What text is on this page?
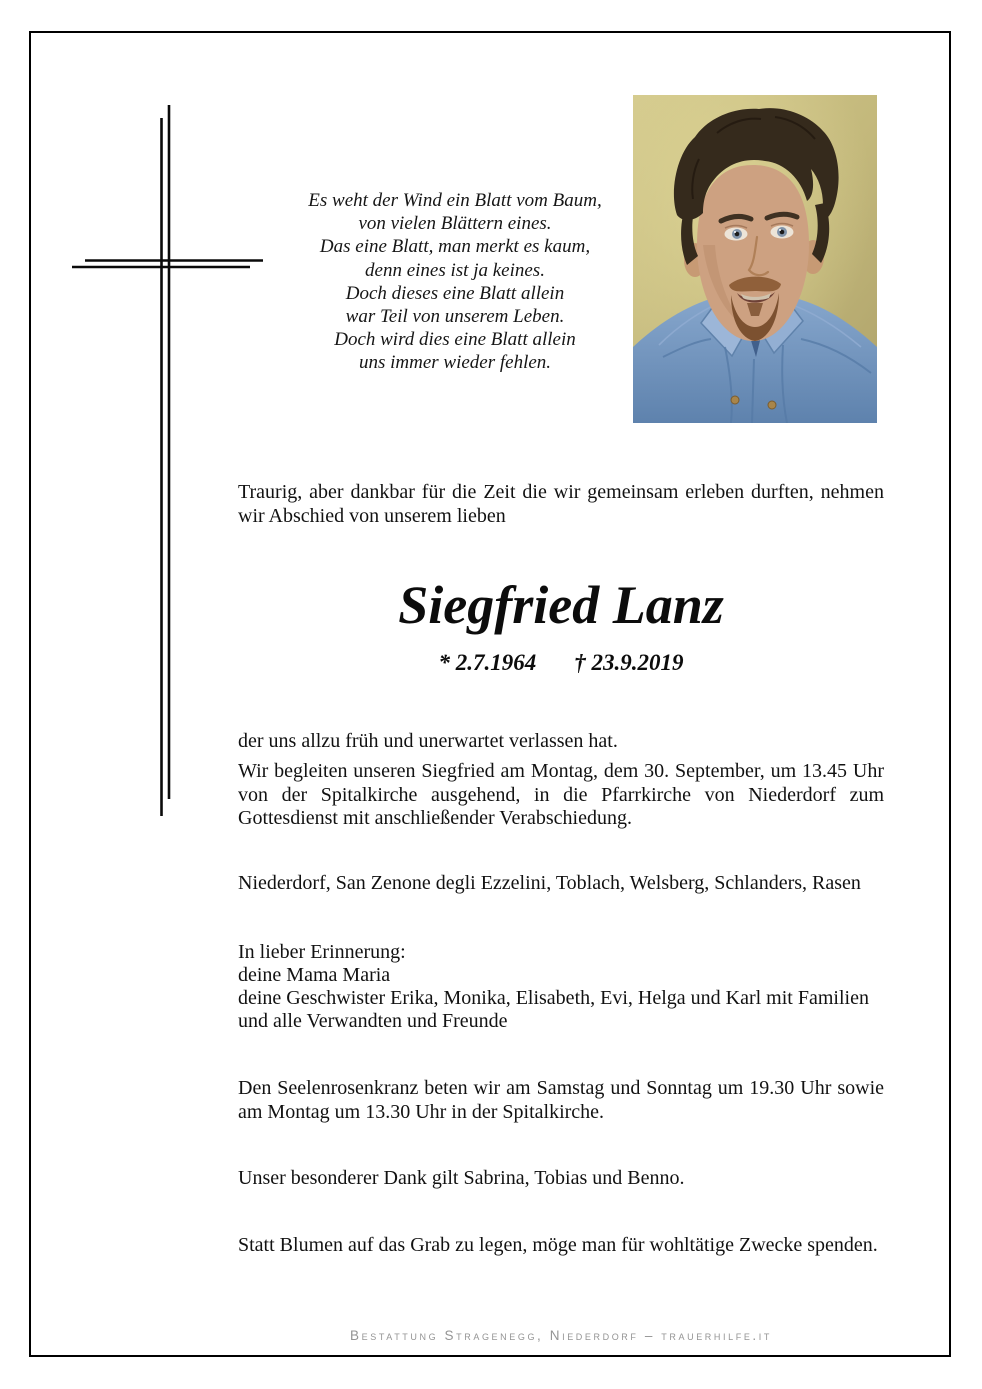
Es weht der Wind ein Blatt vom Baum,
von vielen Blättern eines.
Das eine Blatt, man merkt es kaum,
denn eines ist ja keines.
Doch dieses eine Blatt allein
war Teil von unserem Leben.
Doch wird dies eine Blatt allein
uns immer wieder fehlen.
Traurig, aber dankbar für die Zeit die wir gemeinsam erleben durften, nehmen wir Abschied von unserem lieben
Siegfried Lanz
* 2.7.1964 † 23.9.2019
der uns allzu früh und unerwartet verlassen hat.
Wir begleiten unseren Siegfried am Montag, dem 30. September, um 13.45 Uhr von der Spitalkirche ausgehend, in die Pfarrkirche von Niederdorf zum Gottesdienst mit anschließender Verabschiedung.
Niederdorf, San Zenone degli Ezzelini, Toblach, Welsberg, Schlanders, Rasen
In lieber Erinnerung:
deine Mama Maria
deine Geschwister Erika, Monika, Elisabeth, Evi, Helga und Karl mit Familien
und alle Verwandten und Freunde
Den Seelenrosenkranz beten wir am Samstag und Sonntag um 19.30 Uhr sowie am Montag um 13.30 Uhr in der Spitalkirche.
Unser besonderer Dank gilt Sabrina, Tobias und Benno.
Statt Blumen auf das Grab zu legen, möge man für wohltätige Zwecke spenden.
Bestattung Stragenegg, Niederdorf – trauerhilfe.it
